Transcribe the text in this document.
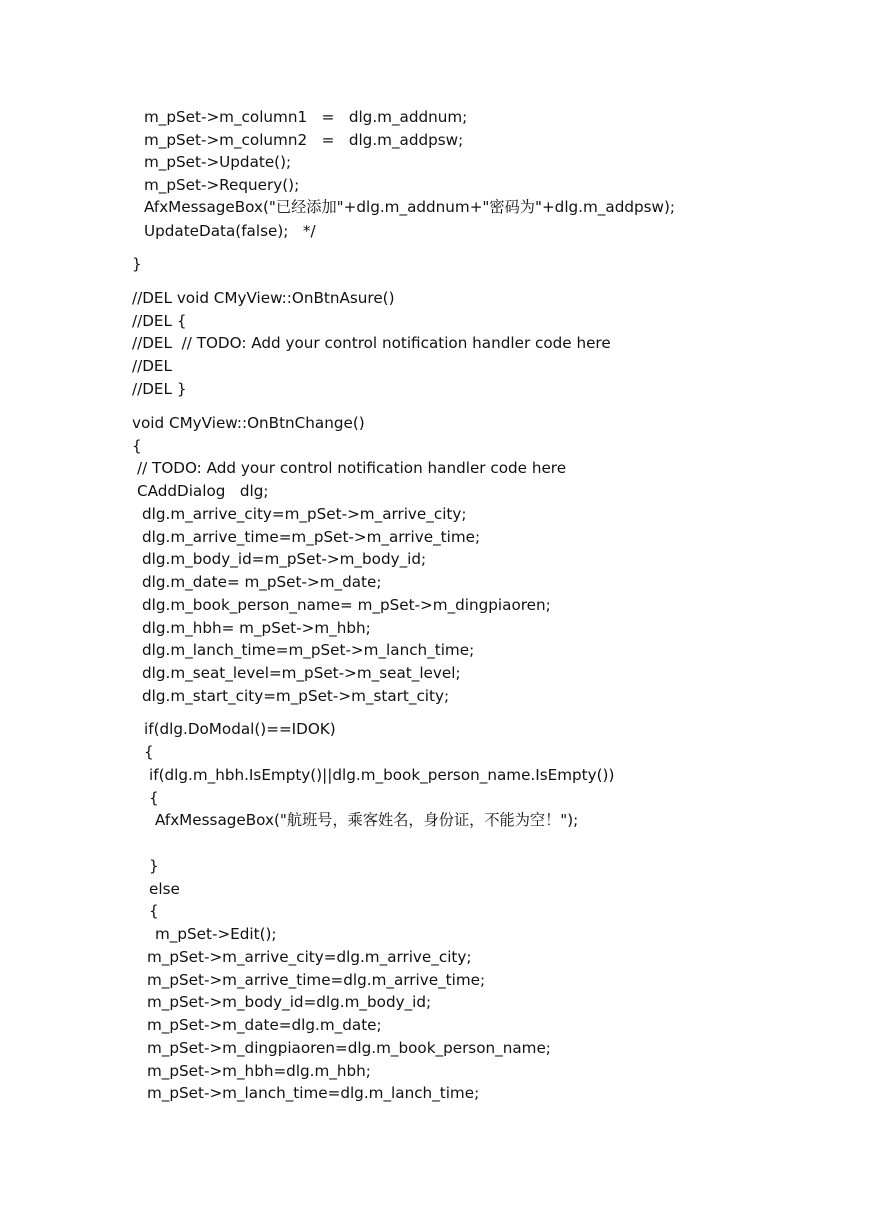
m_pSet->m_column1   =   dlg.m_addnum;

m_pSet->m_column2   =   dlg.m_addpsw;

m_pSet->Update();

m_pSet->Requery();

AfxMessageBox("已经添加"+dlg.m_addnum+"密码为"+dlg.m_addpsw);

UpdateData(false);   */

}

//DEL void CMyView::OnBtnAsure()

//DEL {

//DEL  // TODO: Add your control notification handler code here

//DEL

//DEL }

void CMyView::OnBtnChange()

{

// TODO: Add your control notification handler code here

CAddDialog   dlg;

dlg.m_arrive_city=m_pSet->m_arrive_city;

dlg.m_arrive_time=m_pSet->m_arrive_time;

dlg.m_body_id=m_pSet->m_body_id;

dlg.m_date= m_pSet->m_date;

dlg.m_book_person_name= m_pSet->m_dingpiaoren;

dlg.m_hbh= m_pSet->m_hbh;

dlg.m_lanch_time=m_pSet->m_lanch_time;

dlg.m_seat_level=m_pSet->m_seat_level;

dlg.m_start_city=m_pSet->m_start_city;

if(dlg.DoModal()==IDOK)

{

if(dlg.m_hbh.IsEmpty()||dlg.m_book_person_name.IsEmpty())

{

AfxMessageBox("航班号，乘客姓名，身份证，不能为空！");

}

else

{

m_pSet->Edit();

m_pSet->m_arrive_city=dlg.m_arrive_city;

m_pSet->m_arrive_time=dlg.m_arrive_time;

m_pSet->m_body_id=dlg.m_body_id;

m_pSet->m_date=dlg.m_date;

m_pSet->m_dingpiaoren=dlg.m_book_person_name;

m_pSet->m_hbh=dlg.m_hbh;

m_pSet->m_lanch_time=dlg.m_lanch_time;
